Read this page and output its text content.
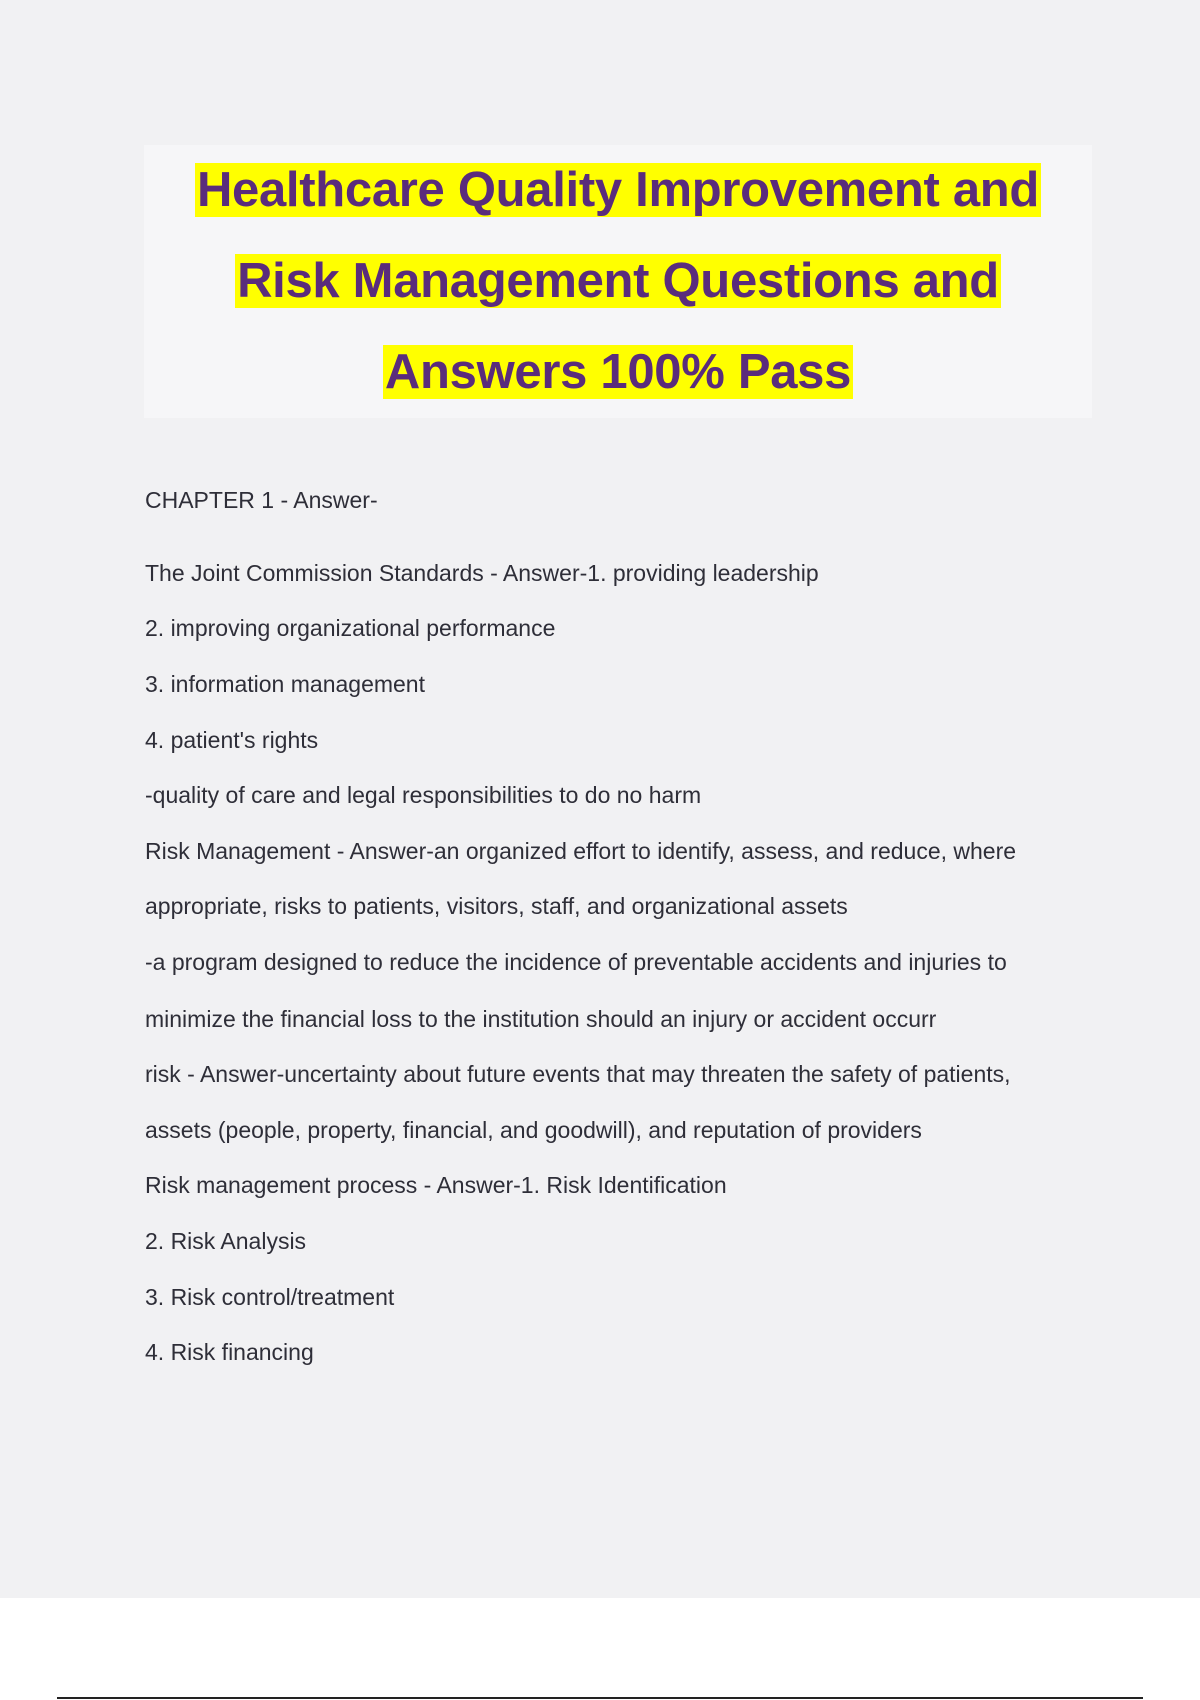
Healthcare Quality Improvement and
Risk Management Questions and
Answers 100% Pass
CHAPTER 1 - Answer-
The Joint Commission Standards - Answer-1. providing leadership
2. improving organizational performance
3. information management
4. patient's rights
-quality of care and legal responsibilities to do no harm
Risk Management - Answer-an organized effort to identify, assess, and reduce, where
appropriate, risks to patients, visitors, staff, and organizational assets
-a program designed to reduce the incidence of preventable accidents and injuries to
minimize the financial loss to the institution should an injury or accident occurr
risk - Answer-uncertainty about future events that may threaten the safety of patients,
assets (people, property, financial, and goodwill), and reputation of providers
Risk management process - Answer-1. Risk Identification
2. Risk Analysis
3. Risk control/treatment
4. Risk financing
